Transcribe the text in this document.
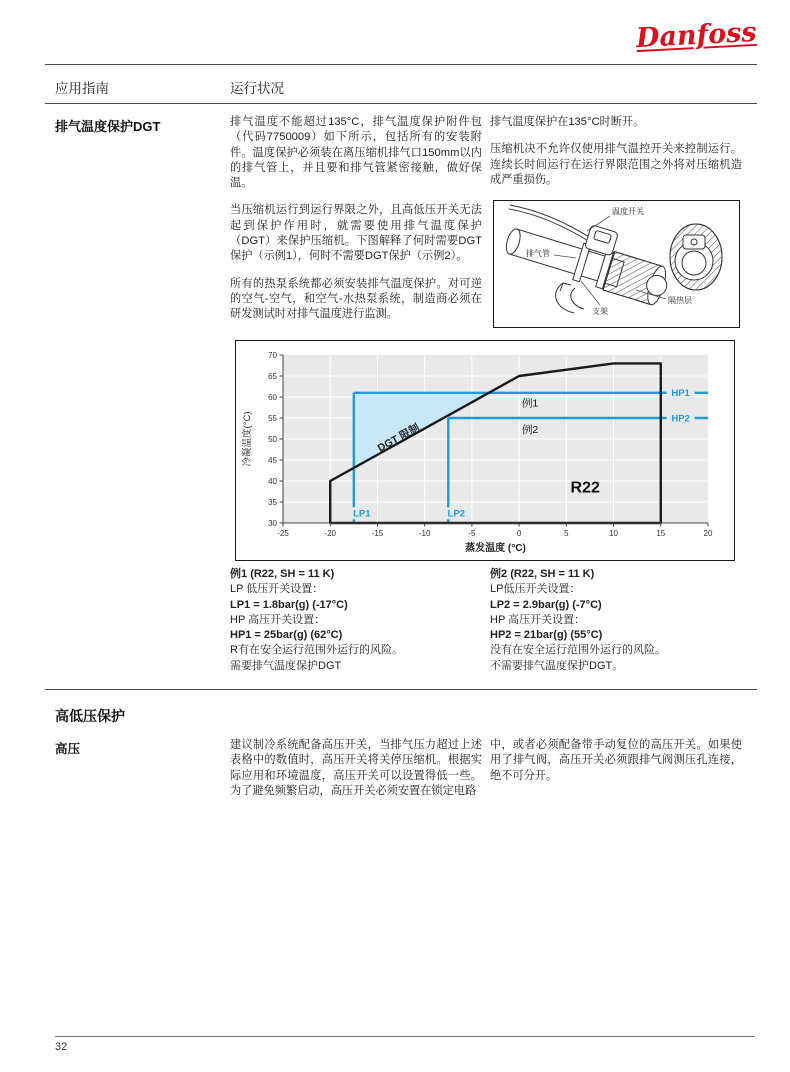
Danfoss
应用指南	运行状况
排气温度保护DGT	排气温度不能超过135°C，排气温度保护附件包（代码7750009）如下所示，包括所有的安装附件。温度保护必须装在离压缩机排气口150mm以内的排气管上，并且要和排气管紧密接触，做好保温。

当压缩机运行到运行界限之外，且高低压开关无法起到保护作用时，就需要使用排气温度保护（DGT）来保护压缩机。下图解释了何时需要DGT保护（示例1），何时不需要DGT保护（示例2）。

所有的热泵系统都必须安装排气温度保护。对可逆的空气-空气，和空气-水热泵系统，制造商必须在研发测试时对排气温度进行监测。

排气温度保护在135°C时断开。

压缩机决不允许仅使用排气温控开关来控制运行。连续长时间运行在运行界限范围之外将对压缩机造成严重损伤。

温度开关
排气管
支架
隔热层
-25	-20	-15	-10	-5	0	5	10	15	20
30
35
40
45
50
55
60
65
70
HP1
HP2
LP1	LP2
例1
例2
R22
DGT 限制
蒸发温度 (°C)
冷凝温度(°C)
例1 (R22, SH = 11 K)
LP 低压开关设置：
LP1 = 1.8bar(g) (-17°C)
HP 高压开关设置：
HP1 = 25bar(g) (62°C)
R有在安全运行范围外运行的风险。
需要排气温度保护DGT
例2 (R22, SH = 11 K)
LP低压开关设置：
LP2 = 2.9bar(g) (-7°C)
HP 高压开关设置：
HP2 = 21bar(g) (55°C)
没有在安全运行范围外运行的风险。
不需要排气温度保护DGT。
高低压保护
高压	建议制冷系统配备高压开关，当排气压力超过上述表格中的数值时，高压开关将关停压缩机。根据实际应用和环境温度，高压开关可以设置得低一些。为了避免频繁启动，高压开关必须安置在锁定电路

中，或者必须配备带手动复位的高压开关。如果使用了排气阀，高压开关必须跟排气阀测压孔连接，绝不可分开。

32
